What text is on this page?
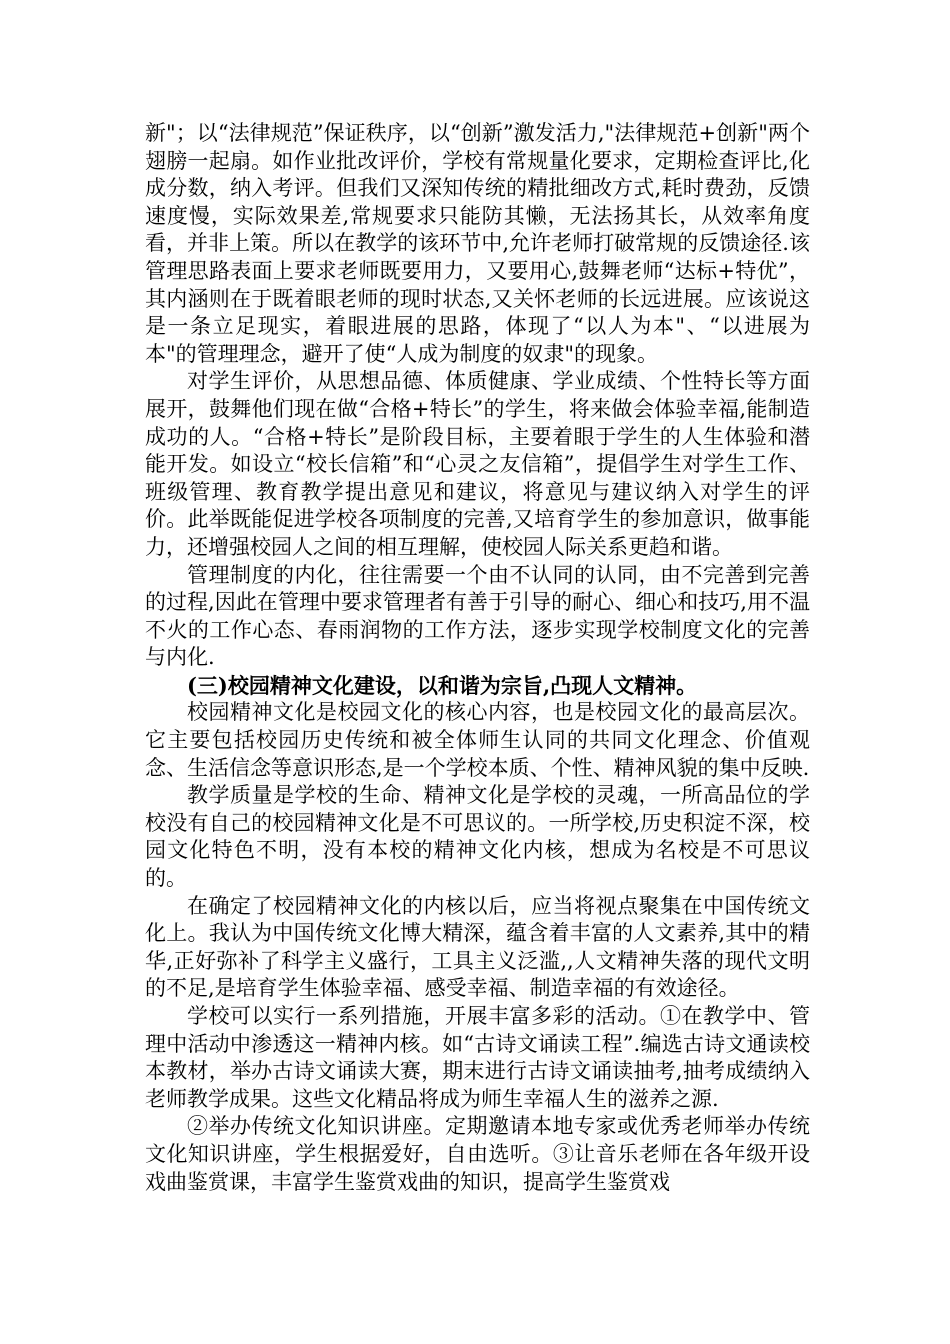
新"；以“法律规范”保证秩序，以“创新”激发活力,"法律规范+创新"两个翅膀一起扇。如作业批改评价，学校有常规量化要求，定期检查评比,化成分数，纳入考评。但我们又深知传统的精批细改方式,耗时费劲，反馈速度慢，实际效果差,常规要求只能防其懒，无法扬其长，从效率角度看，并非上策。所以在教学的该环节中,允许老师打破常规的反馈途径.该管理思路表面上要求老师既要用力，又要用心,鼓舞老师“达标+特优”，其内涵则在于既着眼老师的现时状态,又关怀老师的长远进展。应该说这是一条立足现实，着眼进展的思路，体现了“以人为本"、“以进展为本"的管理理念，避开了使“人成为制度的奴隶"的现象。

对学生评价，从思想品德、体质健康、学业成绩、个性特长等方面展开，鼓舞他们现在做“合格+特长”的学生，将来做会体验幸福,能制造成功的人。“合格+特长”是阶段目标，主要着眼于学生的人生体验和潜能开发。如设立“校长信箱”和“心灵之友信箱”，提倡学生对学生工作、班级管理、教育教学提出意见和建议，将意见与建议纳入对学生的评价。此举既能促进学校各项制度的完善,又培育学生的参加意识，做事能力，还增强校园人之间的相互理解，使校园人际关系更趋和谐。

管理制度的内化，往往需要一个由不认同的认同，由不完善到完善的过程,因此在管理中要求管理者有善于引导的耐心、细心和技巧,用不温不火的工作心态、春雨润物的工作方法，逐步实现学校制度文化的完善与内化.

(三)校园精神文化建设，以和谐为宗旨,凸现人文精神。

校园精神文化是校园文化的核心内容，也是校园文化的最高层次。它主要包括校园历史传统和被全体师生认同的共同文化理念、价值观念、生活信念等意识形态,是一个学校本质、个性、精神风貌的集中反映.

教学质量是学校的生命、精神文化是学校的灵魂，一所高品位的学校没有自己的校园精神文化是不可思议的。一所学校,历史积淀不深，校园文化特色不明，没有本校的精神文化内核，想成为名校是不可思议的。

在确定了校园精神文化的内核以后，应当将视点聚集在中国传统文化上。我认为中国传统文化博大精深，蕴含着丰富的人文素养,其中的精华,正好弥补了科学主义盛行，工具主义泛滥,,人文精神失落的现代文明的不足,是培育学生体验幸福、感受幸福、制造幸福的有效途径。

学校可以实行一系列措施，开展丰富多彩的活动。①在教学中、管理中活动中渗透这一精神内核。如“古诗文诵读工程”.编选古诗文通读校本教材，举办古诗文诵读大赛，期末进行古诗文诵读抽考,抽考成绩纳入老师教学成果。这些文化精品将成为师生幸福人生的滋养之源.

②举办传统文化知识讲座。定期邀请本地专家或优秀老师举办传统文化知识讲座，学生根据爱好，自由选听。③让音乐老师在各年级开设戏曲鉴赏课，丰富学生鉴赏戏曲的知识，提高学生鉴赏戏
